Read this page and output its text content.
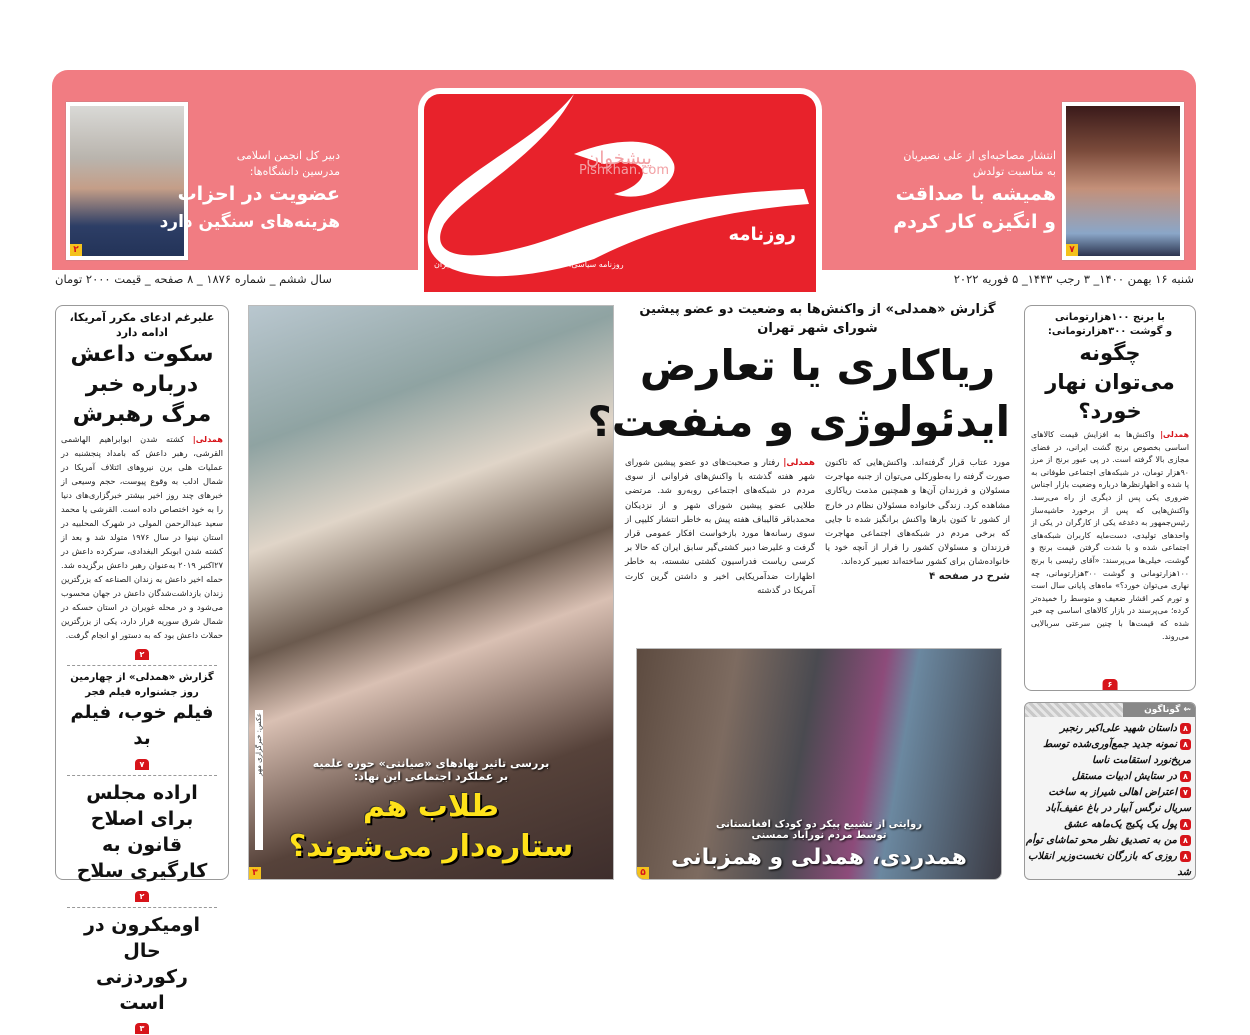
۲
دبیر کل انجمن اسلامی
مدرسین دانشگاه‌ها:
عضویت در احزاب
هزینه‌های سنگین دارد
پیشخوان
Pishkhan.com
روزنامه
روزنامه سیاسی، اقتصادی، اجتماعی و فرهنگی صبح ایران
۷
انتشار مصاحبه‌ای از علی نصیریان
به مناسبت تولدش
همیشه با صداقت
و انگیزه کار کردم
سال ششم _ شماره ۱۸۷۶ _ ۸ صفحه _ قیمت ۲۰۰۰ تومان	شنبه ۱۶ بهمن ۱۴۰۰_ ۳ رجب ۱۴۴۳_ ۵ فوریه ۲۰۲۲
علیرغم ادعای مکرر آمریکا، ادامه دارد
سکوت داعش درباره خبر مرگ رهبرش
همدلی| کشته شدن ابوابراهیم الهاشمی القرشی، رهبر داعش که بامداد پنجشنبه در عملیات هلی برن نیروهای ائتلاف آمریکا در شمال ادلب به وقوع پیوست، حجم وسیعی از خبرهای چند روز اخیر بیشتر خبرگزاری‌های دنیا را به خود اختصاص داده است. القرشی یا محمد سعید عبدالرحمن المولی در شهرک المحلبیه در استان نینوا در سال ۱۹۷۶ متولد شد و بعد از کشته شدن ابوبکر البغدادی، سرکرده داعش در ۲۷اکتبر ۲۰۱۹ به‌عنوان رهبر داعش برگزیده شد. حمله اخیر داعش به زندان الصناعه که بزرگترین زندان بازداشت‌شدگان داعش در جهان محسوب می‌شود و در محله غویران در استان حسکه در شمال شرق سوریه قرار دارد، یکی از بزرگترین حملات داعش بود که به دستور او انجام گرفت.
۲
گزارش «همدلی» از چهارمین روز جشنواره فیلم فجر
فیلم خوب، فیلم بد
۷
اراده مجلس برای اصلاح قانون به کارگیری سلاح
۲
اومیکرون در حال رکوردزنی است
۳
بررسی تاثیر نهادهای «صیانتی» حوزه علمیه
بر عملکرد اجتماعی این نهاد:
طلاب هم
ستاره‌دار می‌شوند؟
عکس: خبرگزاری مهر
۳
گزارش «همدلی» از واکنش‌ها به وضعیت دو عضو پیشین
شورای شهر تهران
ریاکاری یا تعارض
ایدئولوژی و منفعت؟
همدلی| رفتار و صحبت‌های دو عضو پیشین شورای شهر هفته گذشته با واکنش‌های فراوانی از سوی مردم در شبکه‌های اجتماعی روبه‌رو شد. مرتضی طلایی عضو پیشین شورای شهر و از نزدیکان محمدباقر قالیباف هفته پیش به خاطر انتشار کلیپی از سوی رسانه‌ها مورد بازخواست افکار عمومی قرار گرفت و علیرضا دبیر کشتی‌گیر سابق ایران که حالا بر کرسی ریاست فدراسیون کشتی نشسته، به خاطر اظهارات ضدآمریکایی اخیر و داشتن گرین کارت آمریکا در گذشته
مورد عتاب قرار گرفته‌اند. واکنش‌هایی که تاکنون صورت گرفته را به‌طورکلی می‌توان از جنبه مهاجرت مسئولان و فرزندان آن‌ها و همچنین مذمت ریاکاری مشاهده کرد. زندگی خانواده مسئولان نظام در خارج از کشور تا کنون بارها واکنش برانگیز شده تا جایی که برخی مردم در شبکه‌های اجتماعی مهاجرت فرزندان و مسئولان کشور را فرار از آنچه خود یا خانواده‌شان برای کشور ساخته‌اند تعبیر کرده‌اند.
شرح در صفحه ۴
روایتی از تشییع پیکر دو کودک افغانستانی
توسط مردم نورآباد ممسنی
همدردی، همدلی و همزبانی
۵
با برنج ۱۰۰هزارتومانی
و گوشت ۳۰۰هزارتومانی:
چگونه می‌توان نهار خورد؟
همدلی| واکنش‌ها به افزایش قیمت کالاهای اساسی بخصوص برنج گشت ایرانی، در فضای مجازی بالا گرفته است. در پی عبور برنج از مرز ۹۰هزار تومان، در شبکه‌های اجتماعی طوفانی به پا شده و اظهارنظرها درباره وضعیت بازار اجناس ضروری یکی پس از دیگری از راه می‌رسد. واکنش‌هایی که پس از برخورد حاشیه‌ساز رئیس‌جمهور به دغدغه یکی از کارگران در یکی از واحدهای تولیدی، دست‌مایه کاربران شبکه‌های اجتماعی شده و با شدت گرفتن قیمت برنج و گوشت، خیلی‌ها می‌پرسند: «آقای رئیسی با برنج ۱۰۰هزارتومانی و گوشت ۳۰۰هزارتومانی، چه نهاری می‌توان خورد؟» ماه‌های پایانی سال است و تورم کمر اقشار ضعیف و متوسط را خمیده‌تر کرده؛ می‌پرسند در بازار کالاهای اساسی چه خبر شده که قیمت‌ها با چنین سرعتی سربالایی می‌روند.
۶
⇜ گوناگون
۸داستان شهید علی‌اکبر رنجبر
۸نمونه جدید جمع‌آوری‌شده توسط مریخ‌نورد استقامت ناسا
۸در ستایش ادبیات مستقل
۷اعتراض اهالی شیراز به ساخت سریال نرگس آبیار در باغ عفیف‌آباد
۸پول یک پکیج یک‌ماهه عشق
۸من به تصدیق نظر محو تماشای توأم
۸روزی که بازرگان نخست‌وزیر انقلاب شد
